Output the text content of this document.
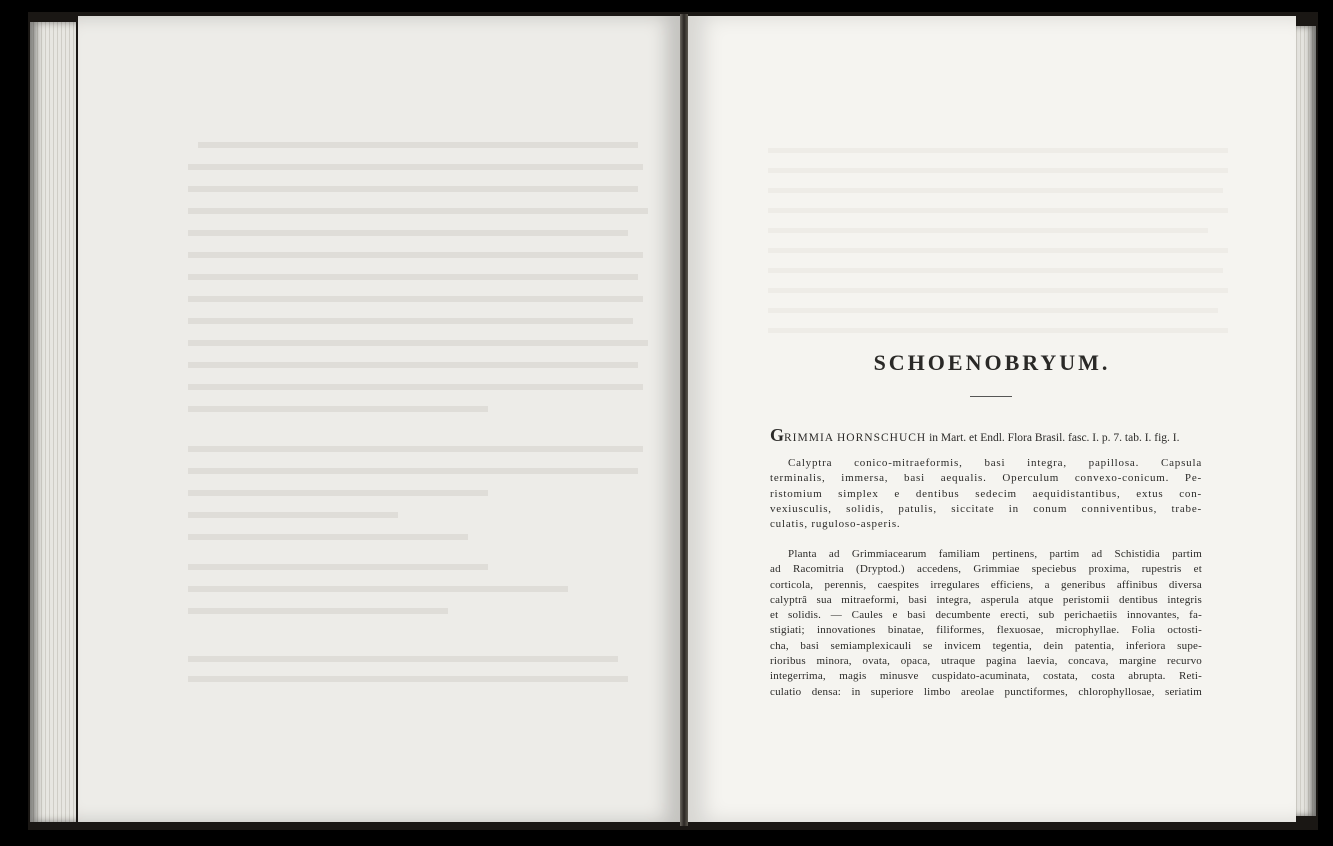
SCHOENOBRYUM.
GRIMMIA HORNSCHUCH in Mart. et Endl. Flora Brasil. fasc. I. p. 7. tab. I. fig. I.
Calyptra conico-mitraeformis, basi integra, papillosa. Capsula
terminalis, immersa, basi aequalis. Operculum convexo-conicum. Pe-
ristomium simplex e dentibus sedecim aequidistantibus, extus con-
vexiusculis, solidis, patulis, siccitate in conum conniventibus, trabe-
culatis, ruguloso-asperis.
Planta ad Grimmiacearum familiam pertinens, partim ad Schistidia partim
ad Racomitria (Dryptod.) accedens, Grimmiae speciebus proxima, rupestris et
corticola, perennis, caespites irregulares efficiens, a generibus affinibus diversa
calyptrâ sua mitraeformi, basi integra, asperula atque peristomii dentibus integris
et solidis. — Caules e basi decumbente erecti, sub perichaetiis innovantes, fa-
stigiati; innovationes binatae, filiformes, flexuosae, microphyllae. Folia octosti-
cha, basi semiamplexicauli se invicem tegentia, dein patentia, inferiora supe-
rioribus minora, ovata, opaca, utraque pagina laevia, concava, margine recurvo
integerrima, magis minusve cuspidato-acuminata, costata, costa abrupta. Reti-
culatio densa: in superiore limbo areolae punctiformes, chlorophyllosae, seriatim
